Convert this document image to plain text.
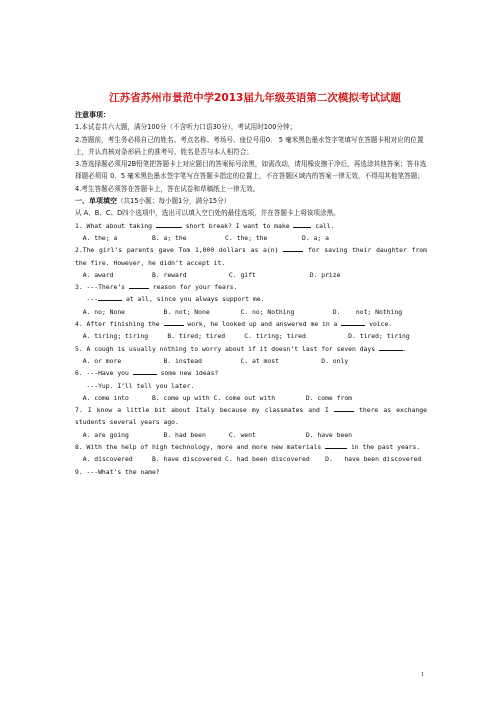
江苏省苏州市景范中学2013届九年级英语第二次模拟考试试题

注意事项：

1.本试卷共六大题，满分100分（不含听力口语30分），考试用时100分钟；

2.答题前，考生务必将自己的姓名、考点名称、考场号、座位号用0． 5 毫米黑色墨水签字笔填写在答题卡相对应的位置上，并认真核对条形码上的准考号、姓名是否与本人相符合；

3.答选择题必须用2B铅笔把答题卡上对应题目的答案标号涂黑，如需改动，请用橡皮擦干净后，再选涂其他答案；答非选择题必须用 0．5 毫米黑色墨水签字笔写在答题卡指定的位置上，不在答题区域内的答案一律无效，不得用其他笔答题；

4.考生答题必须答在答题卡上，答在试卷和草稿纸上一律无效。

一、单项填空（共15小题；每小题1分，满分15分）

从 A、B、C、D四个选项中，选出可以填入空白处的最佳选项，并在答题卡上将该项涂黑。

1. What about taking	short break? I want to make	call.

A. the; a         B. a; the          C. the; the         D. a; a

2.The girl’s parents gave Tom 1,000 dollars as a(n)	for saving their daughter from the fire. However, he didn’t accept it.

A. award          B. reward           C. gift              D. prize

3. ---There’s	reason for your fears.

---	at all, since you always support me.

A. no; None          B. not; None        C. no; Nothing          D.    not; Nothing

4. After finishing the	work, he looked up and answered me in a	voice.

A. tiring; tiring     B. tired; tired     C. tiring; tired           D. tired; tiring

5. A cough is usually nothing to worry about if it doesn’t last for seven days	.

A. or more           B. instead          C. at most           D. only

6. ---Have you	some new ideas?

---Yup. I’ll tell you later.

A. come into      B. come up with C. come out with        D. come from

7. I know a little bit about Italy because my classmates and I	there as exchange students several years ago.

A. are going         B. had been      C. went             D. have been

8. With the help of high technology, more and more new materials	in the past years.

A. discovered     B. have discovered C. had been discovered    D.   have been discovered

9. ---What’s the name?

1
